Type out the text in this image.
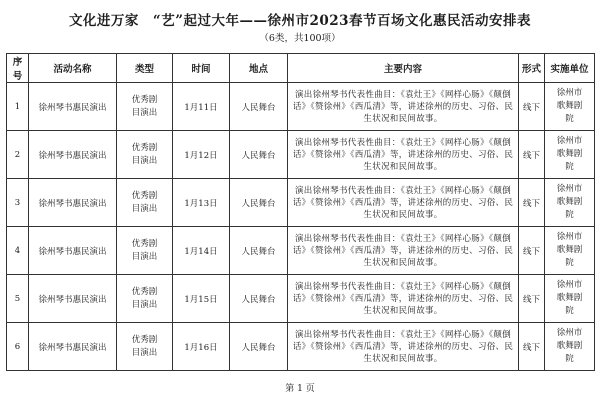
文化进万家　“艺”起过大年——徐州市2023春节百场文化惠民活动安排表
（6类，共100项）
序号	活动名称	类型	时间	地点	主要内容	形式	实施单位
1	徐州琴书惠民演出	优秀剧目演出	1月11日	人民舞台	演出徐州琴书代表性曲目：《袁灶王》《网样心肠》《颠倒话》《赞徐州》《西瓜清》等，讲述徐州的历史、习俗、民生状况和民间故事。	线下	徐州市歌舞剧院

2	徐州琴书惠民演出	优秀剧目演出	1月12日	人民舞台	演出徐州琴书代表性曲目：《袁灶王》《网样心肠》《颠倒话》《赞徐州》《西瓜清》等，讲述徐州的历史、习俗、民生状况和民间故事。	线下	徐州市歌舞剧院

3	徐州琴书惠民演出	优秀剧目演出	1月13日	人民舞台	演出徐州琴书代表性曲目：《袁灶王》《网样心肠》《颠倒话》《赞徐州》《西瓜清》等，讲述徐州的历史、习俗、民生状况和民间故事。	线下	徐州市歌舞剧院

4	徐州琴书惠民演出	优秀剧目演出	1月14日	人民舞台	演出徐州琴书代表性曲目：《袁灶王》《网样心肠》《颠倒话》《赞徐州》《西瓜清》等，讲述徐州的历史、习俗、民生状况和民间故事。	线下	徐州市歌舞剧院

5	徐州琴书惠民演出	优秀剧目演出	1月15日	人民舞台	演出徐州琴书代表性曲目：《袁灶王》《网样心肠》《颠倒话》《赞徐州》《西瓜清》等，讲述徐州的历史、习俗、民生状况和民间故事。	线下	徐州市歌舞剧院

6	徐州琴书惠民演出	优秀剧目演出	1月16日	人民舞台	演出徐州琴书代表性曲目：《袁灶王》《网样心肠》《颠倒话》《赞徐州》《西瓜清》等，讲述徐州的历史、习俗、民生状况和民间故事。	线下	徐州市歌舞剧院
第 1 页
